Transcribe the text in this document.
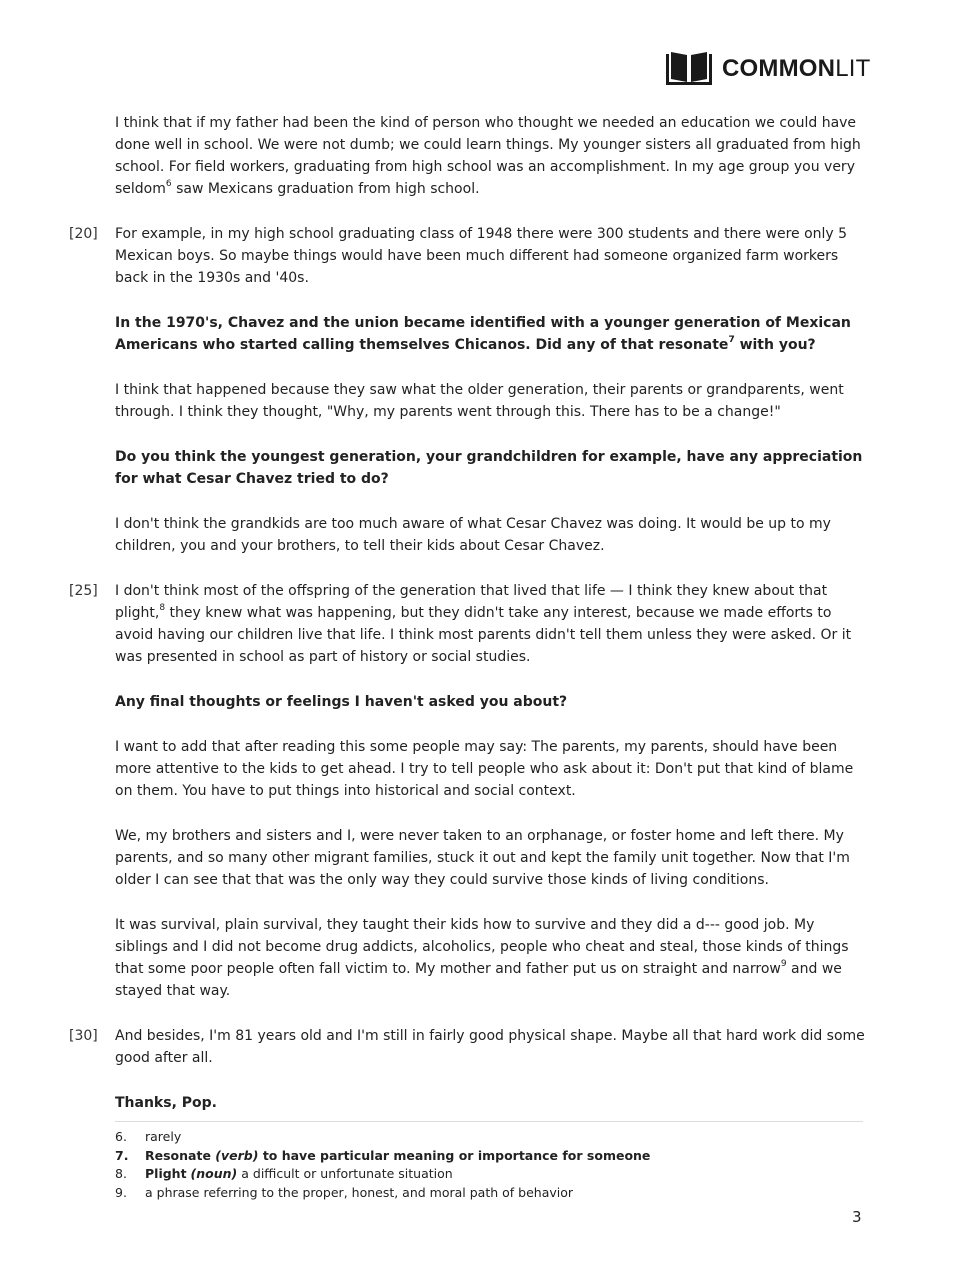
COMMONLIT

I think that if my father had been the kind of person who thought we needed an education we could have done well in school. We were not dumb; we could learn things. My younger sisters all graduated from high school. For field workers, graduating from high school was an accomplishment. In my age group you very seldom$^6$ saw Mexicans graduation from high school.

[20] For example, in my high school graduating class of 1948 there were 300 students and there were only 5 Mexican boys. So maybe things would have been much different had someone organized farm workers back in the 1930s and '40s.

In the 1970's, Chavez and the union became identified with a younger generation of Mexican Americans who started calling themselves Chicanos. Did any of that resonate$^7$ with you?

I think that happened because they saw what the older generation, their parents or grandparents, went through. I think they thought, "Why, my parents went through this. There has to be a change!"

Do you think the youngest generation, your grandchildren for example, have any appreciation for what Cesar Chavez tried to do?

I don't think the grandkids are too much aware of what Cesar Chavez was doing. It would be up to my children, you and your brothers, to tell their kids about Cesar Chavez.

[25] I don't think most of the offspring of the generation that lived that life — I think they knew about that plight,$^8$ they knew what was happening, but they didn't take any interest, because we made efforts to avoid having our children live that life. I think most parents didn't tell them unless they were asked. Or it was presented in school as part of history or social studies.

Any final thoughts or feelings I haven't asked you about?

I want to add that after reading this some people may say: The parents, my parents, should have been more attentive to the kids to get ahead. I try to tell people who ask about it: Don't put that kind of blame on them. You have to put things into historical and social context.

We, my brothers and sisters and I, were never taken to an orphanage, or foster home and left there. My parents, and so many other migrant families, stuck it out and kept the family unit together. Now that I'm older I can see that that was the only way they could survive those kinds of living conditions.

It was survival, plain survival, they taught their kids how to survive and they did a d--- good job. My siblings and I did not become drug addicts, alcoholics, people who cheat and steal, those kinds of things that some poor people often fall victim to. My mother and father put us on straight and narrow$^9$ and we stayed that way.

[30] And besides, I'm 81 years old and I'm still in fairly good physical shape. Maybe all that hard work did some good after all.

Thanks, Pop.

6.	rarely
7.	Resonate (verb) to have particular meaning or importance for someone
8.	Plight (noun) a difficult or unfortunate situation
9.	a phrase referring to the proper, honest, and moral path of behavior
3
